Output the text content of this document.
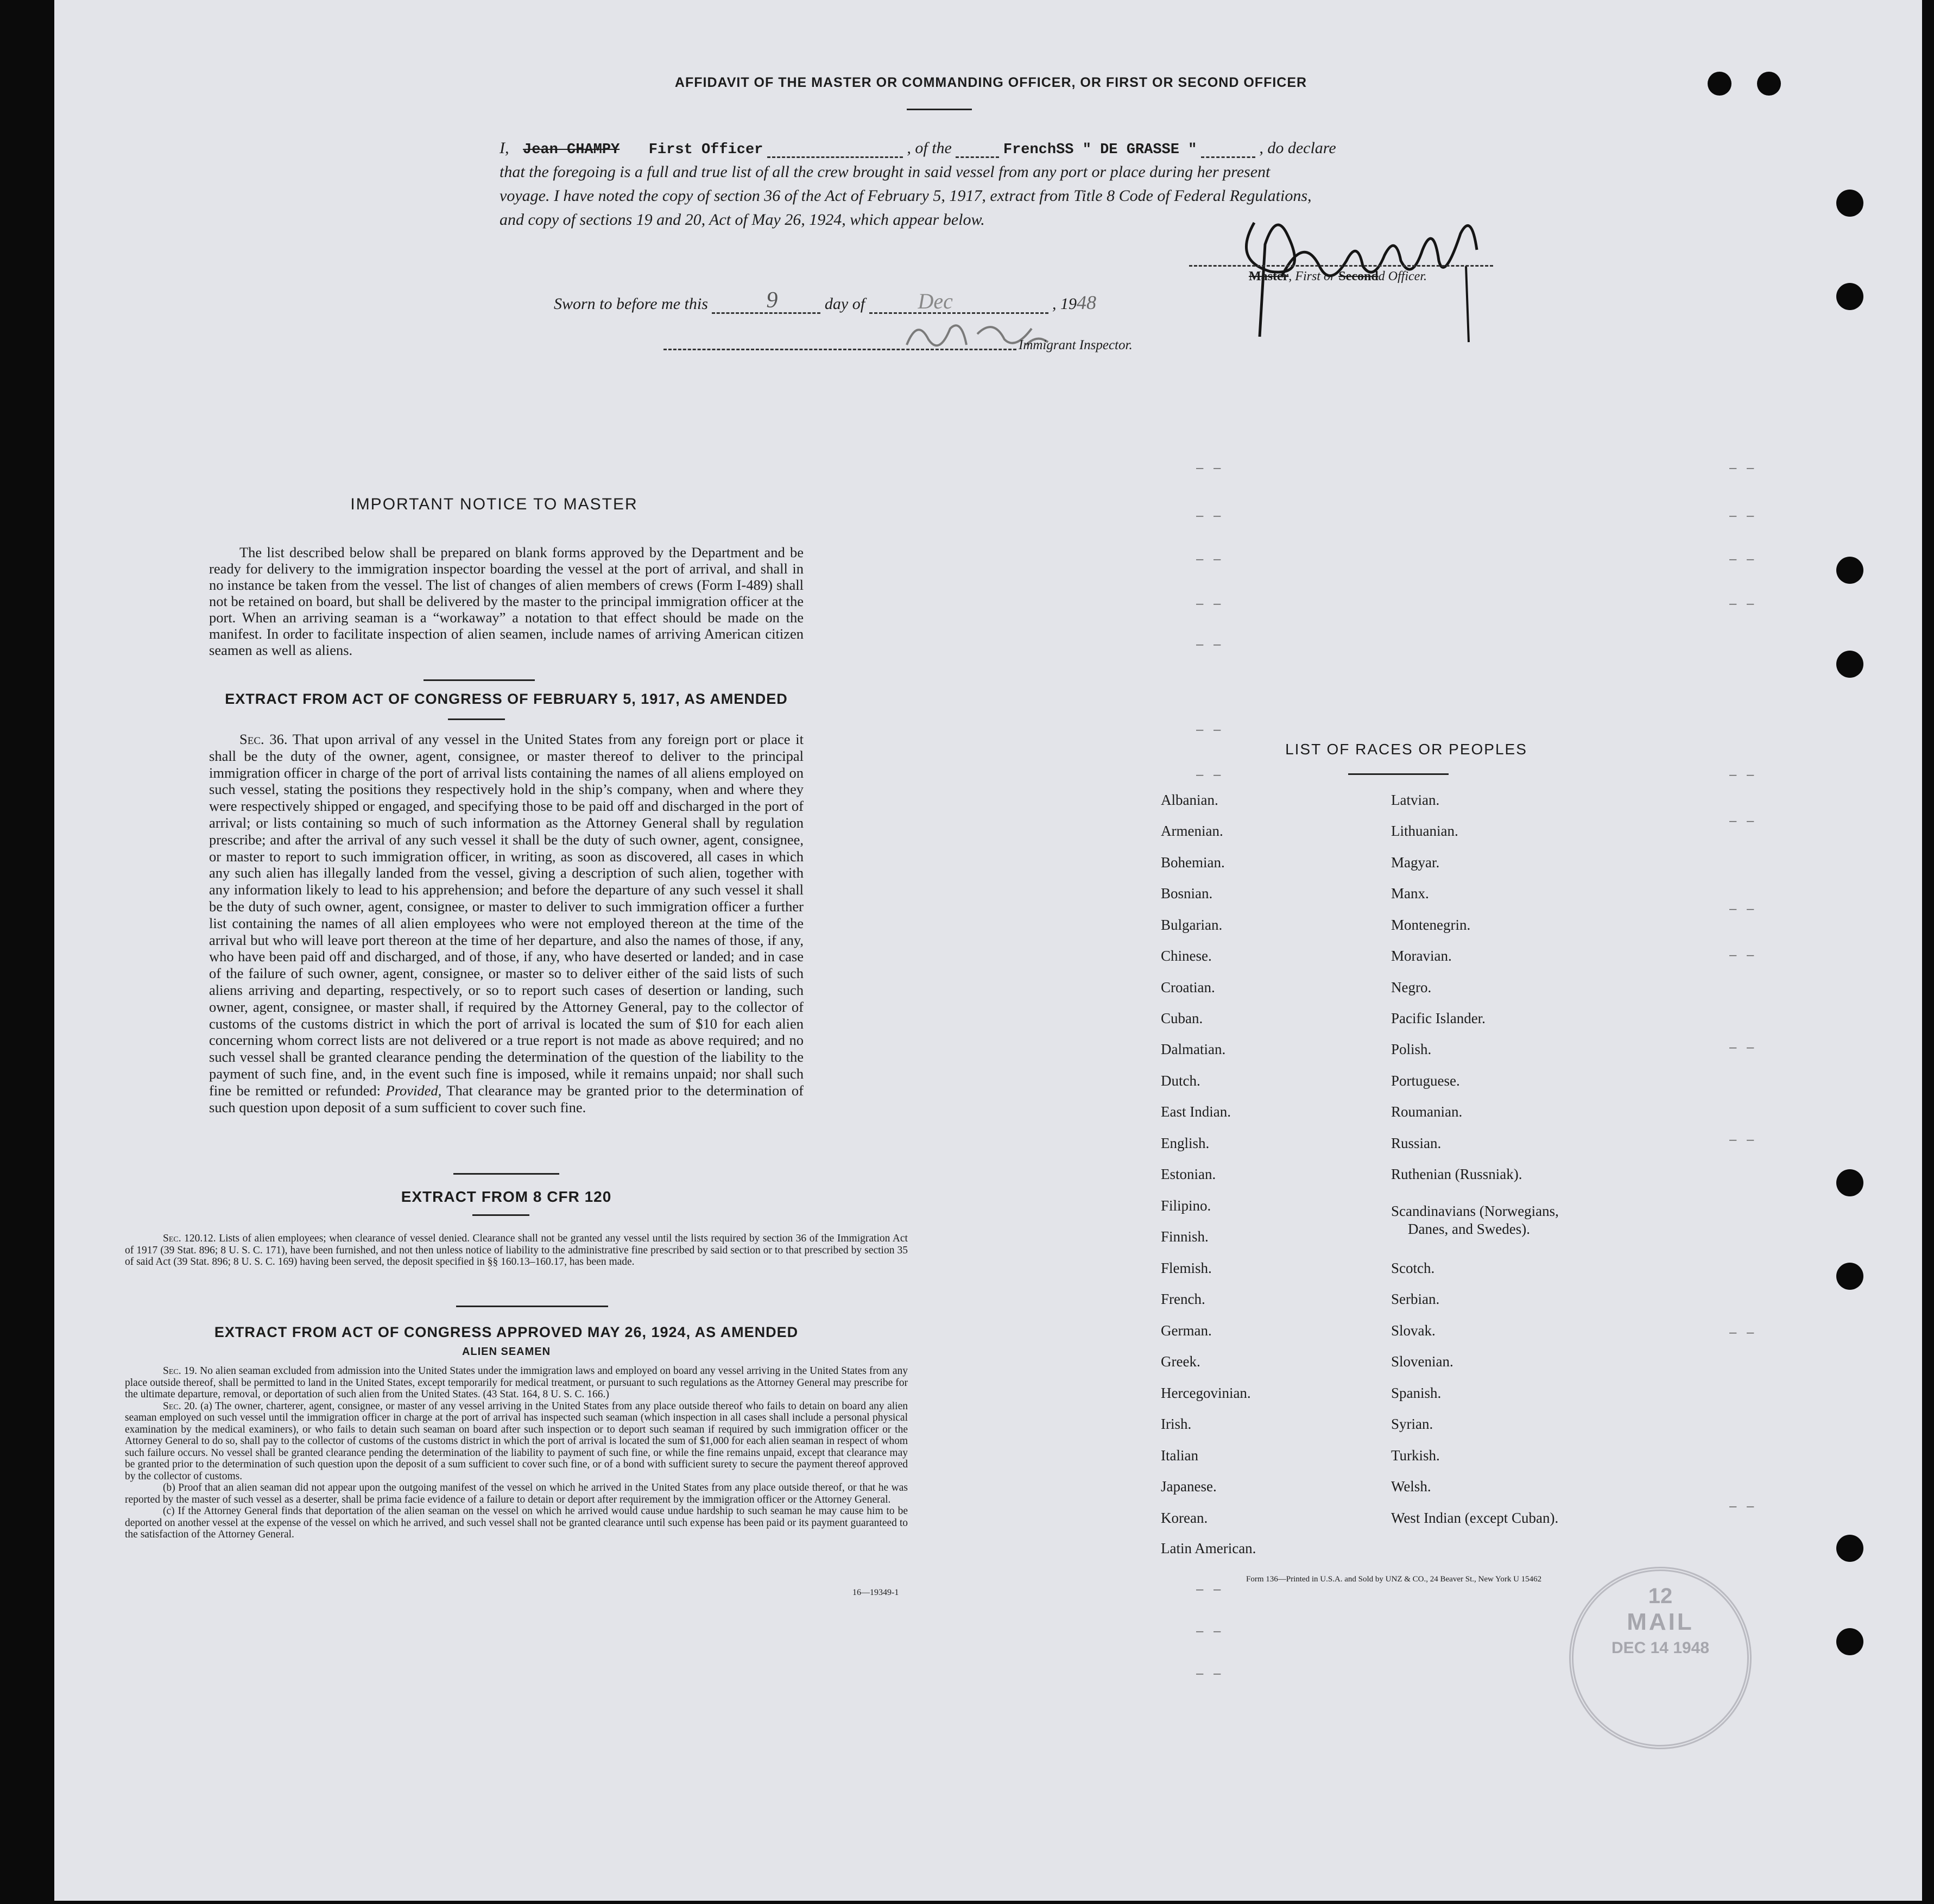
AFFIDAVIT OF THE MASTER OR COMMANDING OFFICER, OR FIRST OR SECOND OFFICER
I, Jean CHAMPY First Officer	, of the	FrenchSS " DE GRASSE "	, do declare
that the foregoing is a full and true list of all the crew brought in said vessel from any port or place during her present
voyage. I have noted the copy of section 36 of the Act of February 5, 1917, extract from Title 8 Code of Federal Regulations,
and copy of sections 19 and 20, Act of May 26, 1924, which appear below.
Master, First or Secondd Officer.
Sworn to before me this	9	day of Dec	, 1948
Immigrant Inspector.
IMPORTANT NOTICE TO MASTER
The list described below shall be prepared on blank forms approved by the Department and be ready for delivery to the immigration inspector boarding the vessel at the port of arrival, and shall in no instance be taken from the vessel. The list of changes of alien members of crews (Form I-489) shall not be retained on board, but shall be delivered by the master to the principal immigration officer at the port. When an arriving seaman is a “workaway” a notation to that effect should be made on the manifest. In order to facilitate inspection of alien seamen, include names of arriving American citizen seamen as well as aliens.
EXTRACT FROM ACT OF CONGRESS OF FEBRUARY 5, 1917, AS AMENDED
Sec. 36. That upon arrival of any vessel in the United States from any foreign port or place it shall be the duty of the owner, agent, consignee, or master thereof to deliver to the principal immigration officer in charge of the port of arrival lists containing the names of all aliens employed on such vessel, stating the positions they respectively hold in the ship’s company, when and where they were respectively shipped or engaged, and specifying those to be paid off and discharged in the port of arrival; or lists containing so much of such information as the Attorney General shall by regulation prescribe; and after the arrival of any such vessel it shall be the duty of such owner, agent, consignee, or master to report to such immigration officer, in writing, as soon as discovered, all cases in which any such alien has illegally landed from the vessel, giving a description of such alien, together with any information likely to lead to his apprehension; and before the departure of any such vessel it shall be the duty of such owner, agent, consignee, or master to deliver to such immigration officer a further list containing the names of all alien employees who were not employed thereon at the time of the arrival but who will leave port thereon at the time of her departure, and also the names of those, if any, who have been paid off and discharged, and of those, if any, who have deserted or landed; and in case of the failure of such owner, agent, consignee, or master so to deliver either of the said lists of such aliens arriving and departing, respectively, or so to report such cases of desertion or landing, such owner, agent, consignee, or master shall, if required by the Attorney General, pay to the collector of customs of the customs district in which the port of arrival is located the sum of $10 for each alien concerning whom correct lists are not delivered or a true report is not made as above required; and no such vessel shall be granted clearance pending the determination of the question of the liability to the payment of such fine, and, in the event such fine is imposed, while it remains unpaid; nor shall such fine be remitted or refunded: Provided, That clearance may be granted prior to the determination of such question upon deposit of a sum sufficient to cover such fine.
EXTRACT FROM 8 CFR 120
Sec. 120.12. Lists of alien employees; when clearance of vessel denied. Clearance shall not be granted any vessel until the lists required by section 36 of the Immigration Act of 1917 (39 Stat. 896; 8 U. S. C. 171), have been furnished, and not then unless notice of liability to the administrative fine prescribed by said section or to that prescribed by section 35 of said Act (39 Stat. 896; 8 U. S. C. 169) having been served, the deposit specified in §§ 160.13–160.17, has been made.
EXTRACT FROM ACT OF CONGRESS APPROVED MAY 26, 1924, AS AMENDED
ALIEN SEAMEN
Sec. 19. No alien seaman excluded from admission into the United States under the immigration laws and employed on board any vessel arriving in the United States from any place outside thereof, shall be permitted to land in the United States, except temporarily for medical treatment, or pursuant to such regulations as the Attorney General may prescribe for the ultimate departure, removal, or deportation of such alien from the United States. (43 Stat. 164, 8 U. S. C. 166.)
Sec. 20. (a) The owner, charterer, agent, consignee, or master of any vessel arriving in the United States from any place outside thereof who fails to detain on board any alien seaman employed on such vessel until the immigration officer in charge at the port of arrival has inspected such seaman (which inspection in all cases shall include a personal physical examination by the medical examiners), or who fails to detain such seaman on board after such inspection or to deport such seaman if required by such immigration officer or the Attorney General to do so, shall pay to the collector of customs of the customs district in which the port of arrival is located the sum of $1,000 for each alien seaman in respect of whom such failure occurs. No vessel shall be granted clearance pending the determination of the liability to payment of such fine, or while the fine remains unpaid, except that clearance may be granted prior to the determination of such question upon the deposit of a sum sufficient to cover such fine, or of a bond with sufficient surety to secure the payment thereof approved by the collector of customs.
(b) Proof that an alien seaman did not appear upon the outgoing manifest of the vessel on which he arrived in the United States from any place outside thereof, or that he was reported by the master of such vessel as a deserter, shall be prima facie evidence of a failure to detain or deport after requirement by the immigration officer or the Attorney General.
(c) If the Attorney General finds that deportation of the alien seaman on the vessel on which he arrived would cause undue hardship to such seaman he may cause him to be deported on another vessel at the expense of the vessel on which he arrived, and such vessel shall not be granted clearance until such expense has been paid or its payment guaranteed to the satisfaction of the Attorney General.
16—19349-1
LIST OF RACES OR PEOPLES
Albanian.
Armenian.
Bohemian.
Bosnian.
Bulgarian.
Chinese.
Croatian.
Cuban.
Dalmatian.
Dutch.
East Indian.
English.
Estonian.
Filipino.
Finnish.
Flemish.
French.
German.
Greek.
Hercegovinian.
Irish.
Italian
Japanese.
Korean.
Latin American.
Latvian.
Lithuanian.
Magyar.
Manx.
Montenegrin.
Moravian.
Negro.
Pacific Islander.
Polish.
Portuguese.
Roumanian.
Russian.
Ruthenian (Russniak).
Scandinavians (Norwegians,
Danes, and Swedes).
Scotch.
Serbian.
Slovak.
Slovenian.
Spanish.
Syrian.
Turkish.
Welsh.
West Indian (except Cuban).
Form 136—Printed in U.S.A. and Sold by UNZ & CO., 24 Beaver St., New York U 15462
– –
– –
– –
– –
– –
– –
– –
– –
– –
– –
– –
– –
– –
– –
– –
– –
– –
– –
– –
– –
– –
– –
12
MAIL
DEC 14 1948
